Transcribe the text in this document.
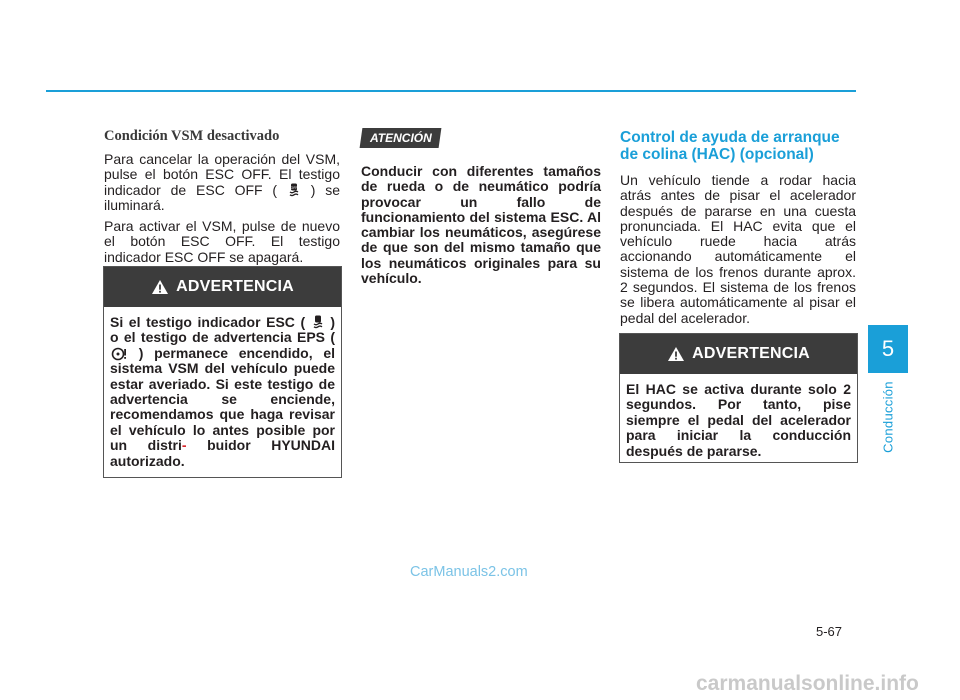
Condición VSM desactivado

Para cancelar la operación del VSM, pulse el botón ESC OFF. El testigo indicador de ESC OFF (	OFF ) se iluminará.

Para activar el VSM, pulse de nuevo el botón ESC OFF. El testigo indicador ESC OFF se apagará.

ADVERTENCIA
Si el testigo indicador ESC ( ) o el testigo de advertencia EPS (
) permanece encendido, el sistema VSM del vehículo puede estar averiado. Si este testigo de advertencia se enciende, recomendamos que haga revisar el vehículo lo antes posible por un distri- buidor HYUNDAI autorizado.
ATENCIÓN

Conducir con diferentes tamaños de rueda o de neumático podría provocar un fallo de funcionamiento del sistema ESC. Al cambiar los neumáticos, asegúrese de que son del mismo tamaño que los neumáticos originales para su vehículo.

Control de ayuda de arranque de colina (HAC) (opcional)

Un vehículo tiende a rodar hacia atrás antes de pisar el acelerador después de pararse en una cuesta pronunciada. El HAC evita que el vehículo ruede hacia atrás accionando automáticamente el sistema de los frenos durante aprox. 2 segundos. El sistema de los frenos se libera automáticamente al pisar el pedal del acelerador.

ADVERTENCIA
El HAC se activa durante solo 2 segundos. Por tanto, pise siempre el pedal del acelerador para iniciar la conducción después de pararse.
5
Conducción
5-67
CarManuals2.com
carmanualsonline.info
